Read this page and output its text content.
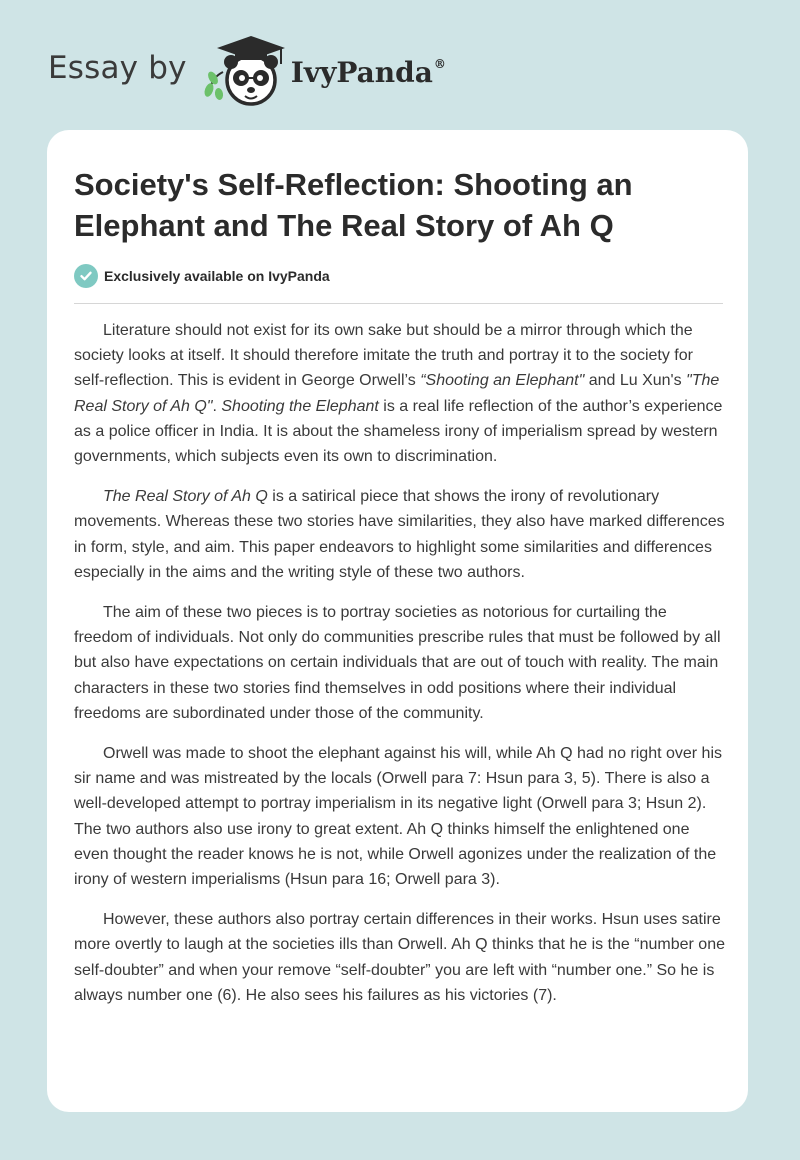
Essay by	IvyPanda®
Society's Self-Reflection: Shooting an Elephant and The Real Story of Ah Q
Exclusively available on IvyPanda

Literature should not exist for its own sake but should be a mirror through which the society looks at itself. It should therefore imitate the truth and portray it to the society for self-reflection. This is evident in George Orwell’s “Shooting an Elephant" and Lu Xun's "The Real Story of Ah Q". Shooting the Elephant is a real life reflection of the author’s experience as a police officer in India. It is about the shameless irony of imperialism spread by western governments, which subjects even its own to discrimination.

The Real Story of Ah Q is a satirical piece that shows the irony of revolutionary movements. Whereas these two stories have similarities, they also have marked differences in form, style, and aim. This paper endeavors to highlight some similarities and differences especially in the aims and the writing style of these two authors.

The aim of these two pieces is to portray societies as notorious for curtailing the freedom of individuals. Not only do communities prescribe rules that must be followed by all but also have expectations on certain individuals that are out of touch with reality. The main characters in these two stories find themselves in odd positions where their individual freedoms are subordinated under those of the community.

Orwell was made to shoot the elephant against his will, while Ah Q had no right over his sir name and was mistreated by the locals (Orwell para 7: Hsun para 3, 5). There is also a well-developed attempt to portray imperialism in its negative light (Orwell para 3; Hsun 2). The two authors also use irony to great extent. Ah Q thinks himself the enlightened one even thought the reader knows he is not, while Orwell agonizes under the realization of the irony of western imperialisms (Hsun para 16; Orwell para 3).

However, these authors also portray certain differences in their works. Hsun uses satire more overtly to laugh at the societies ills than Orwell. Ah Q thinks that he is the “number one self-doubter” and when your remove “self-doubter” you are left with “number one.” So he is always number one (6). He also sees his failures as his victories (7).
